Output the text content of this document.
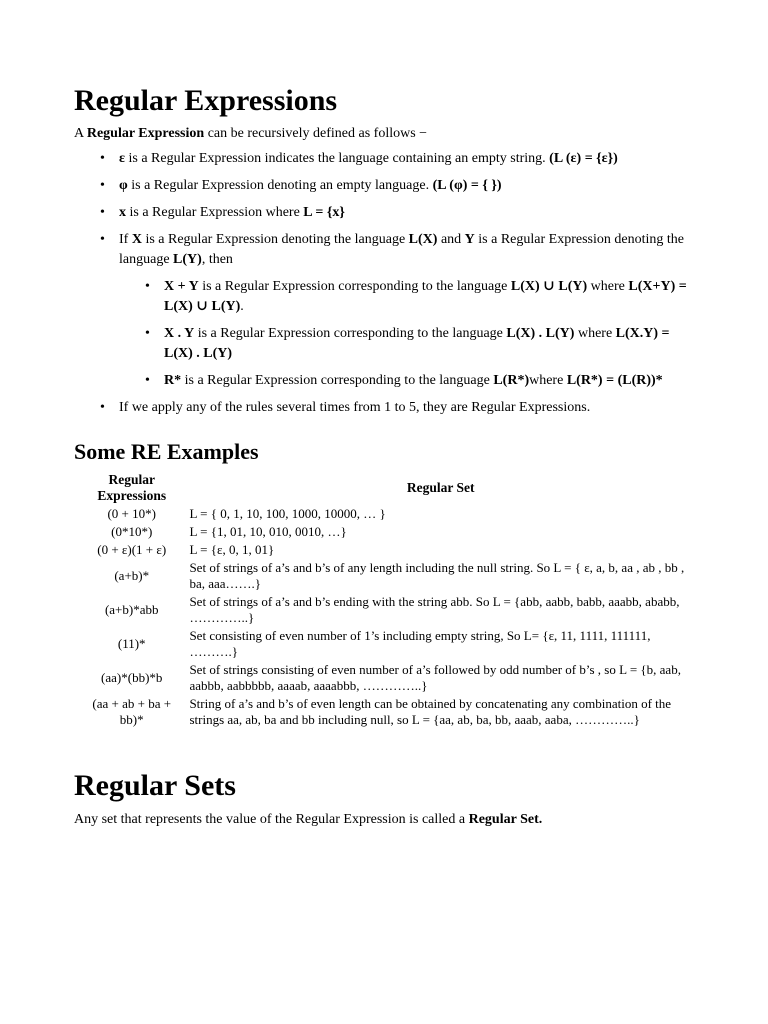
Regular Expressions

A Regular Expression can be recursively defined as follows −

• ε is a Regular Expression indicates the language containing an empty string. (L (ε) = {ε})
• φ is a Regular Expression denoting an empty language. (L (φ) = { })
• x is a Regular Expression where L = {x}
• If X is a Regular Expression denoting the language L(X) and Y is a Regular Expression denoting the language L(Y), then
• X + Y is a Regular Expression corresponding to the language L(X) ∪ L(Y) where L(X+Y) = L(X) ∪ L(Y).
• X . Y is a Regular Expression corresponding to the language L(X) . L(Y) where L(X.Y) = L(X) . L(Y)
• R* is a Regular Expression corresponding to the language L(R*)where L(R*) = (L(R))*
• If we apply any of the rules several times from 1 to 5, they are Regular Expressions.
Some RE Examples
Regular Expressions	Regular Set
(0 + 10*)	L = { 0, 1, 10, 100, 1000, 10000, … }
(0*10*)	L = {1, 01, 10, 010, 0010, …}
(0 + ε)(1 + ε)	L = {ε, 0, 1, 01}
(a+b)*	Set of strings of a’s and b’s of any length including the null string. So L = { ε, a, b, aa , ab , bb , ba, aaa…….}
(a+b)*abb	Set of strings of a’s and b’s ending with the string abb. So L = {abb, aabb, babb, aaabb, ababb, …………..}
(11)*	Set consisting of even number of 1’s including empty string, So L= {ε, 11, 1111, 111111, ……….}
(aa)*(bb)*b	Set of strings consisting of even number of a’s followed by odd number of b’s , so L = {b, aab, aabbb, aabbbbb, aaaab, aaaabbb, …………..}
(aa + ab + ba + bb)*	String of a’s and b’s of even length can be obtained by concatenating any combination of the strings aa, ab, ba and bb including null, so L = {aa, ab, ba, bb, aaab, aaba, …………..}
Regular Sets

Any set that represents the value of the Regular Expression is called a Regular Set.
